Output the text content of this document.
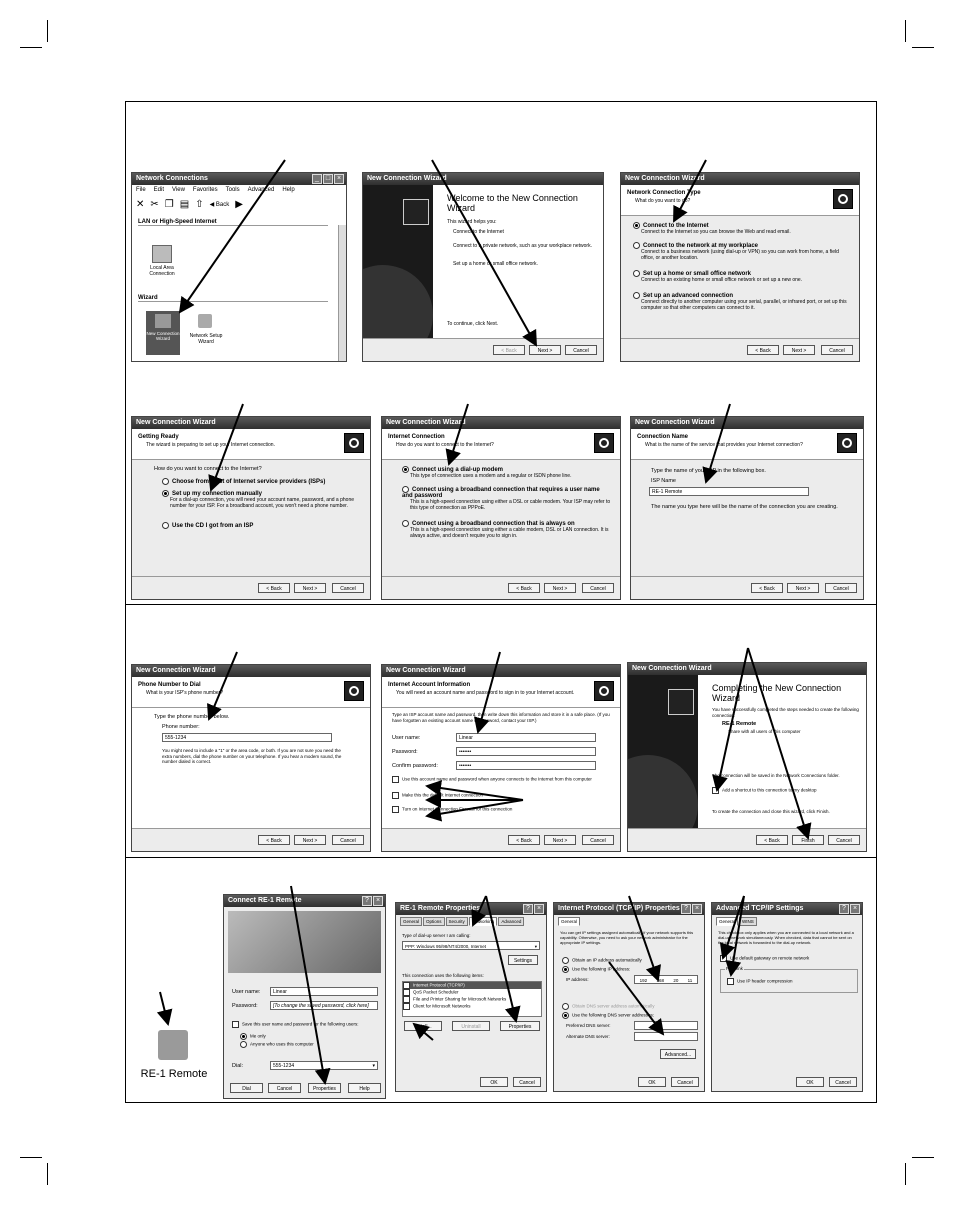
Network Connections	_ □ ×
File Edit View Favorites Tools Advanced Help
✕ ✂ ❐ ▤ ⇧ ◀ Back ▶
LAN or High-Speed Internet
Local Area Connection
Wizard
New Connection Wizard	Network Setup Wizard
New Connection Wizard
Welcome to the New Connection Wizard
This wizard helps you:
Connect to the Internet
Connect to a private network, such as your workplace network.
Set up a home or small office network.
To continue, click Next.
< Back	Next >	Cancel
New Connection Wizard
Network Connection Type
What do you want to do?
Connect to the Internet
Connect to the Internet so you can browse the Web and read email.
Connect to the network at my workplace
Connect to a business network (using dial-up or VPN) so you can work from home, a field office, or another location.
Set up a home or small office network
Connect to an existing home or small office network or set up a new one.
Set up an advanced connection
Connect directly to another computer using your serial, parallel, or infrared port, or set up this computer so that other computers can connect to it.
< Back	Next >	Cancel
New Connection Wizard
Getting Ready
The wizard is preparing to set up your Internet connection.
How do you want to connect to the Internet?
Choose from a list of Internet service providers (ISPs)
Set up my connection manually
For a dial-up connection, you will need your account name, password, and a phone number for your ISP. For a broadband account, you won't need a phone number.
Use the CD I got from an ISP
< Back	Next >	Cancel
New Connection Wizard
Internet Connection
How do you want to connect to the Internet?
Connect using a dial-up modem
This type of connection uses a modem and a regular or ISDN phone line.
Connect using a broadband connection that requires a user name and password
This is a high-speed connection using either a DSL or cable modem. Your ISP may refer to this type of connection as PPPoE.
Connect using a broadband connection that is always on
This is a high-speed connection using either a cable modem, DSL or LAN connection. It is always active, and doesn't require you to sign in.
< Back	Next >	Cancel
New Connection Wizard
Connection Name
What is the name of the service that provides your Internet connection?
Type the name of your ISP in the following box.
ISP Name
RE-1 Remote
The name you type here will be the name of the connection you are creating.
< Back	Next >	Cancel
New Connection Wizard
Phone Number to Dial
What is your ISP's phone number?
Type the phone number below.
Phone number:
555-1234
You might need to include a "1" or the area code, or both. If you are not sure you need the extra numbers, dial the phone number on your telephone. If you hear a modem sound, the number dialed is correct.
< Back	Next >	Cancel
New Connection Wizard
Internet Account Information
You will need an account name and password to sign in to your Internet account.
Type an ISP account name and password, then write down this information and store it in a safe place. (If you have forgotten an existing account name or password, contact your ISP.)
User name:	Linear
Password:	•••••••
Confirm password:	•••••••
Use this account name and password when anyone connects to the Internet from this computer
Make this the default Internet connection
Turn on Internet Connection Firewall for this connection
< Back	Next >	Cancel
New Connection Wizard
Completing the New Connection Wizard
You have successfully completed the steps needed to create the following connection:
RE-1 Remote
Share with all users of this computer
The connection will be saved in the Network Connections folder.
Add a shortcut to this connection to my desktop
To create the connection and close this wizard, click Finish.
< Back	Finish	Cancel
RE-1 Remote
Connect RE-1 Remote	?	×
User name:	Linear
Password:	[To change the saved password, click here]
Save this user name and password for the following users:
Me only
Anyone who uses this computer
Dial:	555-1234	▾
Dial	Cancel	Properties	Help
RE-1 Remote Properties	?	×
General	Options	Security	Networking	Advanced
Type of dial-up server I am calling:
PPP: Windows 95/98/NT4/2000, Internet	▾
Settings
This connection uses the following items:
Internet Protocol (TCP/IP)
QoS Packet Scheduler
File and Printer Sharing for Microsoft Networks
Client for Microsoft Networks
Install...	Uninstall	Properties
OK	Cancel
Internet Protocol (TCP/IP) Properties ?	×
General
You can get IP settings assigned automatically if your network supports this capability. Otherwise, you need to ask your network administrator for the appropriate IP settings.
Obtain an IP address automatically
Use the following IP address:
IP address:	192 168 20 11
Obtain DNS server address automatically
Use the following DNS server addresses:
Preferred DNS server:
Alternate DNS server:
Advanced...
OK	Cancel
Advanced TCP/IP Settings	?	×
General	WINS
This checkbox only applies when you are connected to a local network and a dial-up network simultaneously. When checked, data that cannot be sent on the local network is forwarded to the dial-up network.
Use default gateway on remote network
PPP link
Use IP header compression
OK	Cancel
